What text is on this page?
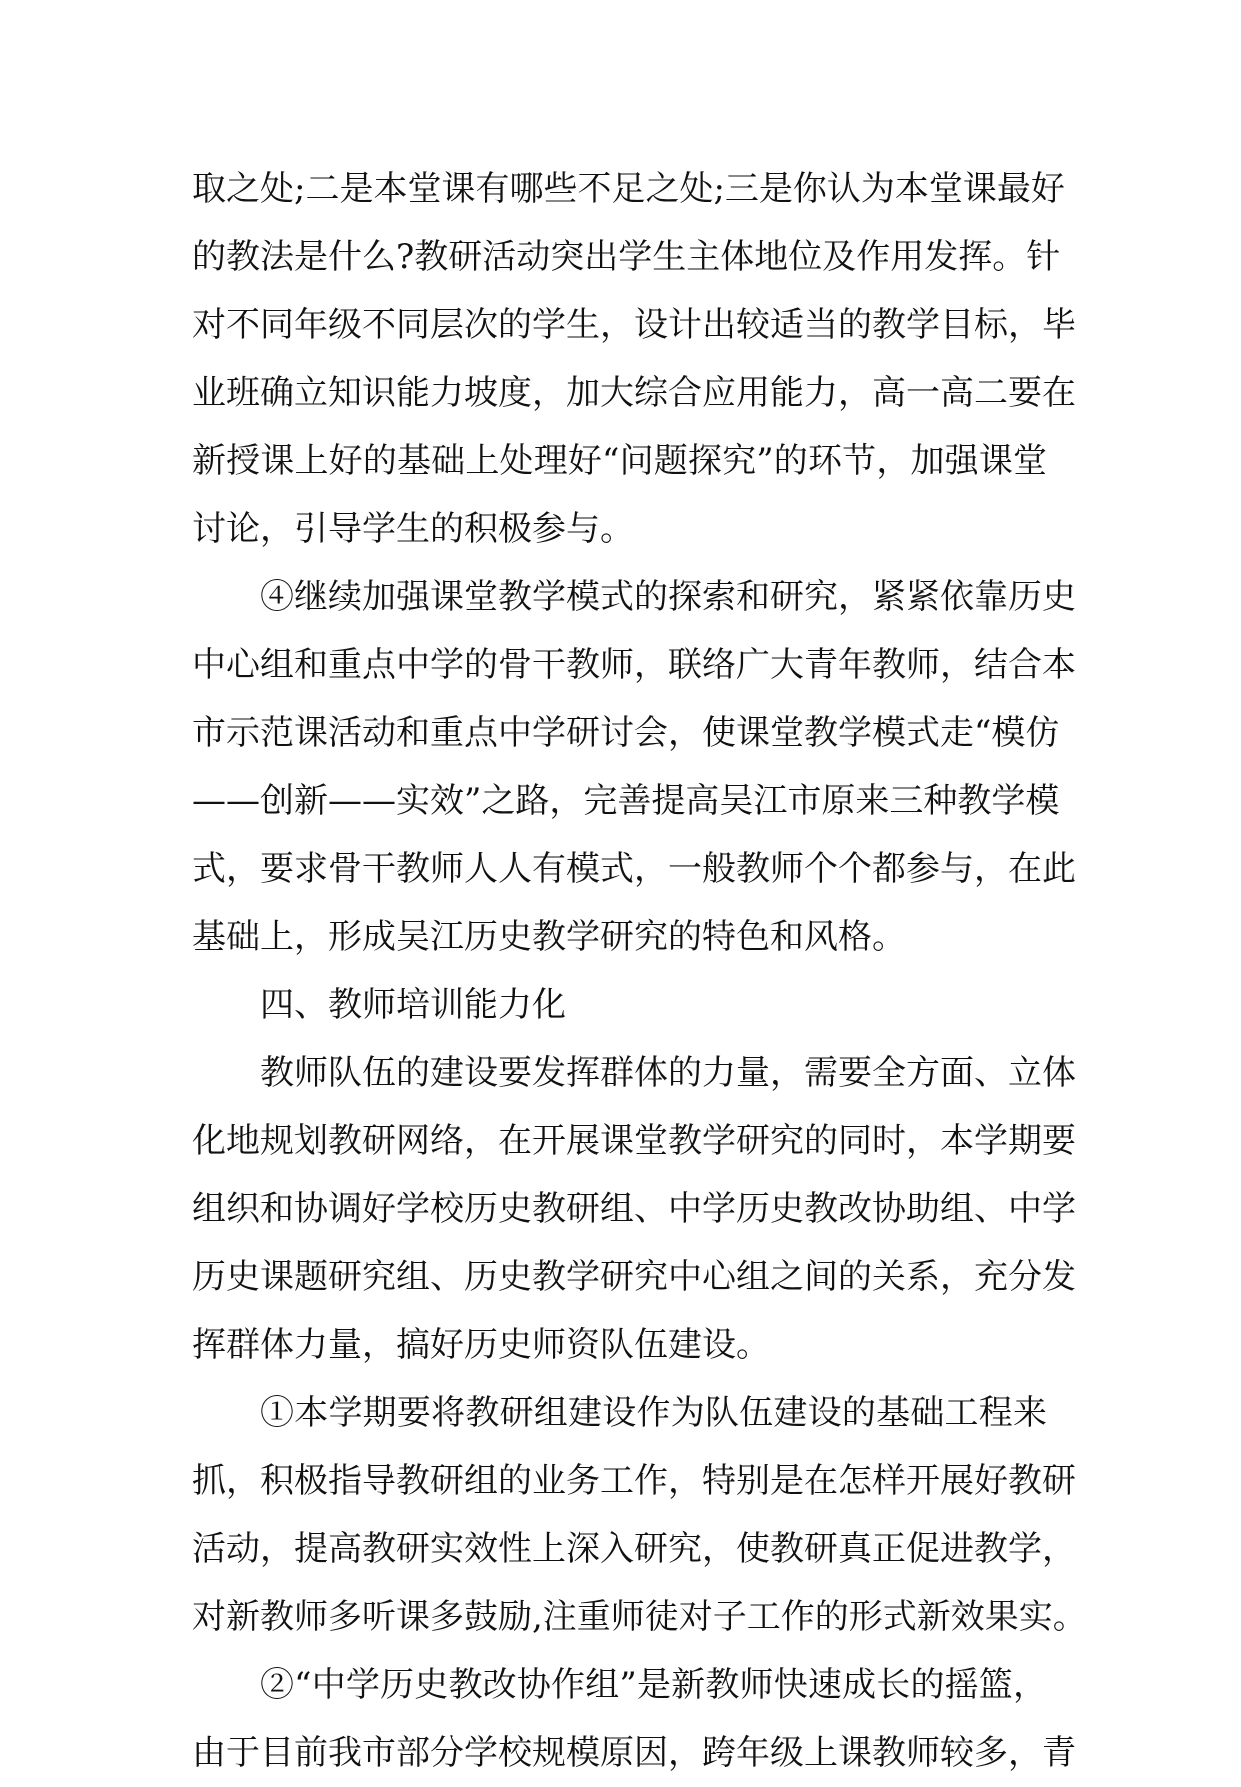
取之处;二是本堂课有哪些不足之处;三是你认为本堂课最好
的教法是什么?教研活动突出学生主体地位及作用发挥。针
对不同年级不同层次的学生，设计出较适当的教学目标，毕
业班确立知识能力坡度，加大综合应用能力，高一高二要在
新授课上好的基础上处理好“问题探究”的环节，加强课堂
讨论，引导学生的积极参与。
④继续加强课堂教学模式的探索和研究，紧紧依靠历史
中心组和重点中学的骨干教师，联络广大青年教师，结合本
市示范课活动和重点中学研讨会，使课堂教学模式走“模仿
——创新——实效”之路，完善提高吴江市原来三种教学模
式，要求骨干教师人人有模式，一般教师个个都参与，在此
基础上，形成吴江历史教学研究的特色和风格。
四、教师培训能力化
教师队伍的建设要发挥群体的力量，需要全方面、立体
化地规划教研网络，在开展课堂教学研究的同时，本学期要
组织和协调好学校历史教研组、中学历史教改协助组、中学
历史课题研究组、历史教学研究中心组之间的关系，充分发
挥群体力量，搞好历史师资队伍建设。
①本学期要将教研组建设作为队伍建设的基础工程来
抓，积极指导教研组的业务工作，特别是在怎样开展好教研
活动，提高教研实效性上深入研究，使教研真正促进教学，
对新教师多听课多鼓励,注重师徒对子工作的形式新效果实。
②“中学历史教改协作组”是新教师快速成长的摇篮，
由于目前我市部分学校规模原因，跨年级上课教师较多，青
